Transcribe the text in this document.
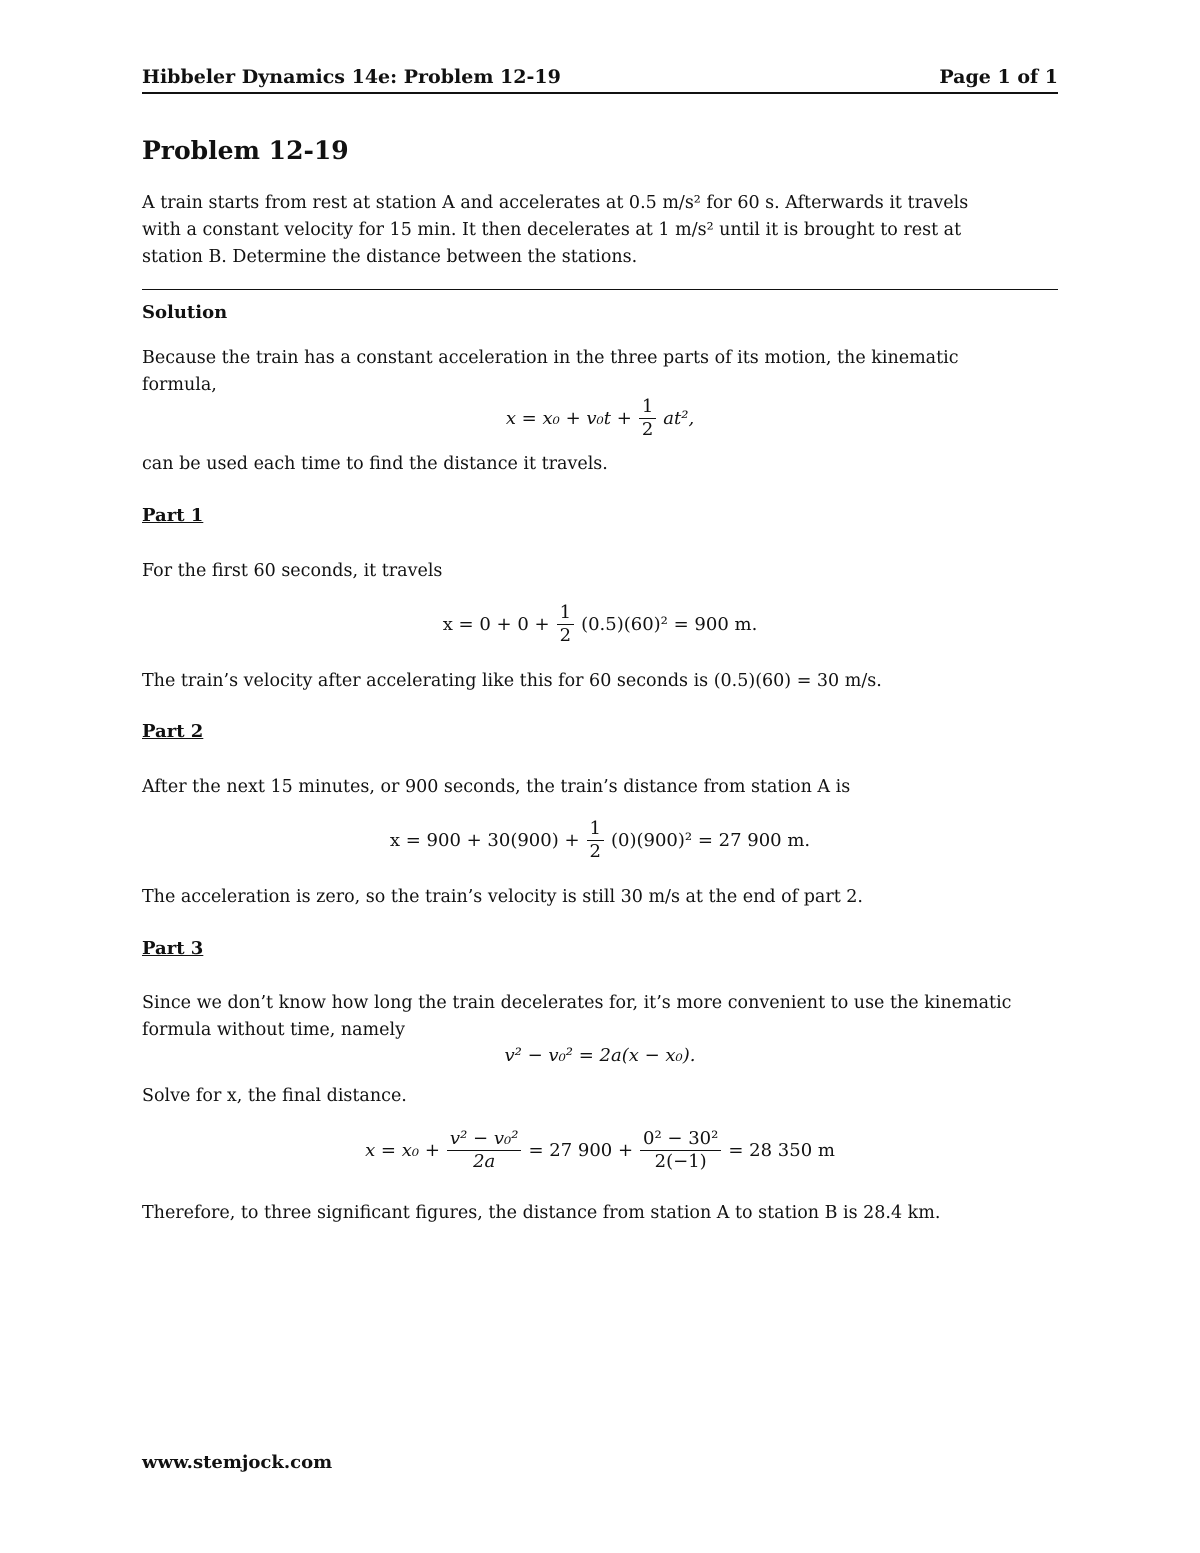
Hibbeler Dynamics 14e: Problem 12-19	Page 1 of 1
Problem 12-19
A train starts from rest at station A and accelerates at 0.5 m/s² for 60 s. Afterwards it travels
with a constant velocity for 15 min. It then decelerates at 1 m/s² until it is brought to rest at
station B. Determine the distance between the stations.
Solution
Because the train has a constant acceleration in the three parts of its motion, the kinematic
formula,
$x = x_0 + v_0t + \frac{1}{2} at^2$,
can be used each time to find the distance it travels.
Part 1
For the first 60 seconds, it travels
$x = 0 + 0 + \frac{1}{2} (0.5)(60)^2 = 900$ m.
The train’s velocity after accelerating like this for 60 seconds is (0.5)(60) = 30 m/s.
Part 2
After the next 15 minutes, or 900 seconds, the train’s distance from station A is
$x = 900 + 30(900) + \frac{1}{2} (0)(900)^2 = 27$ 900 m.
The acceleration is zero, so the train’s velocity is still 30 m/s at the end of part 2.
Part 3
Since we don’t know how long the train decelerates for, it’s more convenient to use the kinematic
formula without time, namely
v² − v₀² = 2a(x − x₀).
Solve for x, the final distance.
$x = x_0 + \frac{\text{v² − v₀²}}{2a} = 27$ $900 + \frac{\text{0² − 30²}}{2(-1)} = 28$ 350 m
Therefore, to three significant figures, the distance from station A to station B is 28.4 km.
www.stemjock.com
